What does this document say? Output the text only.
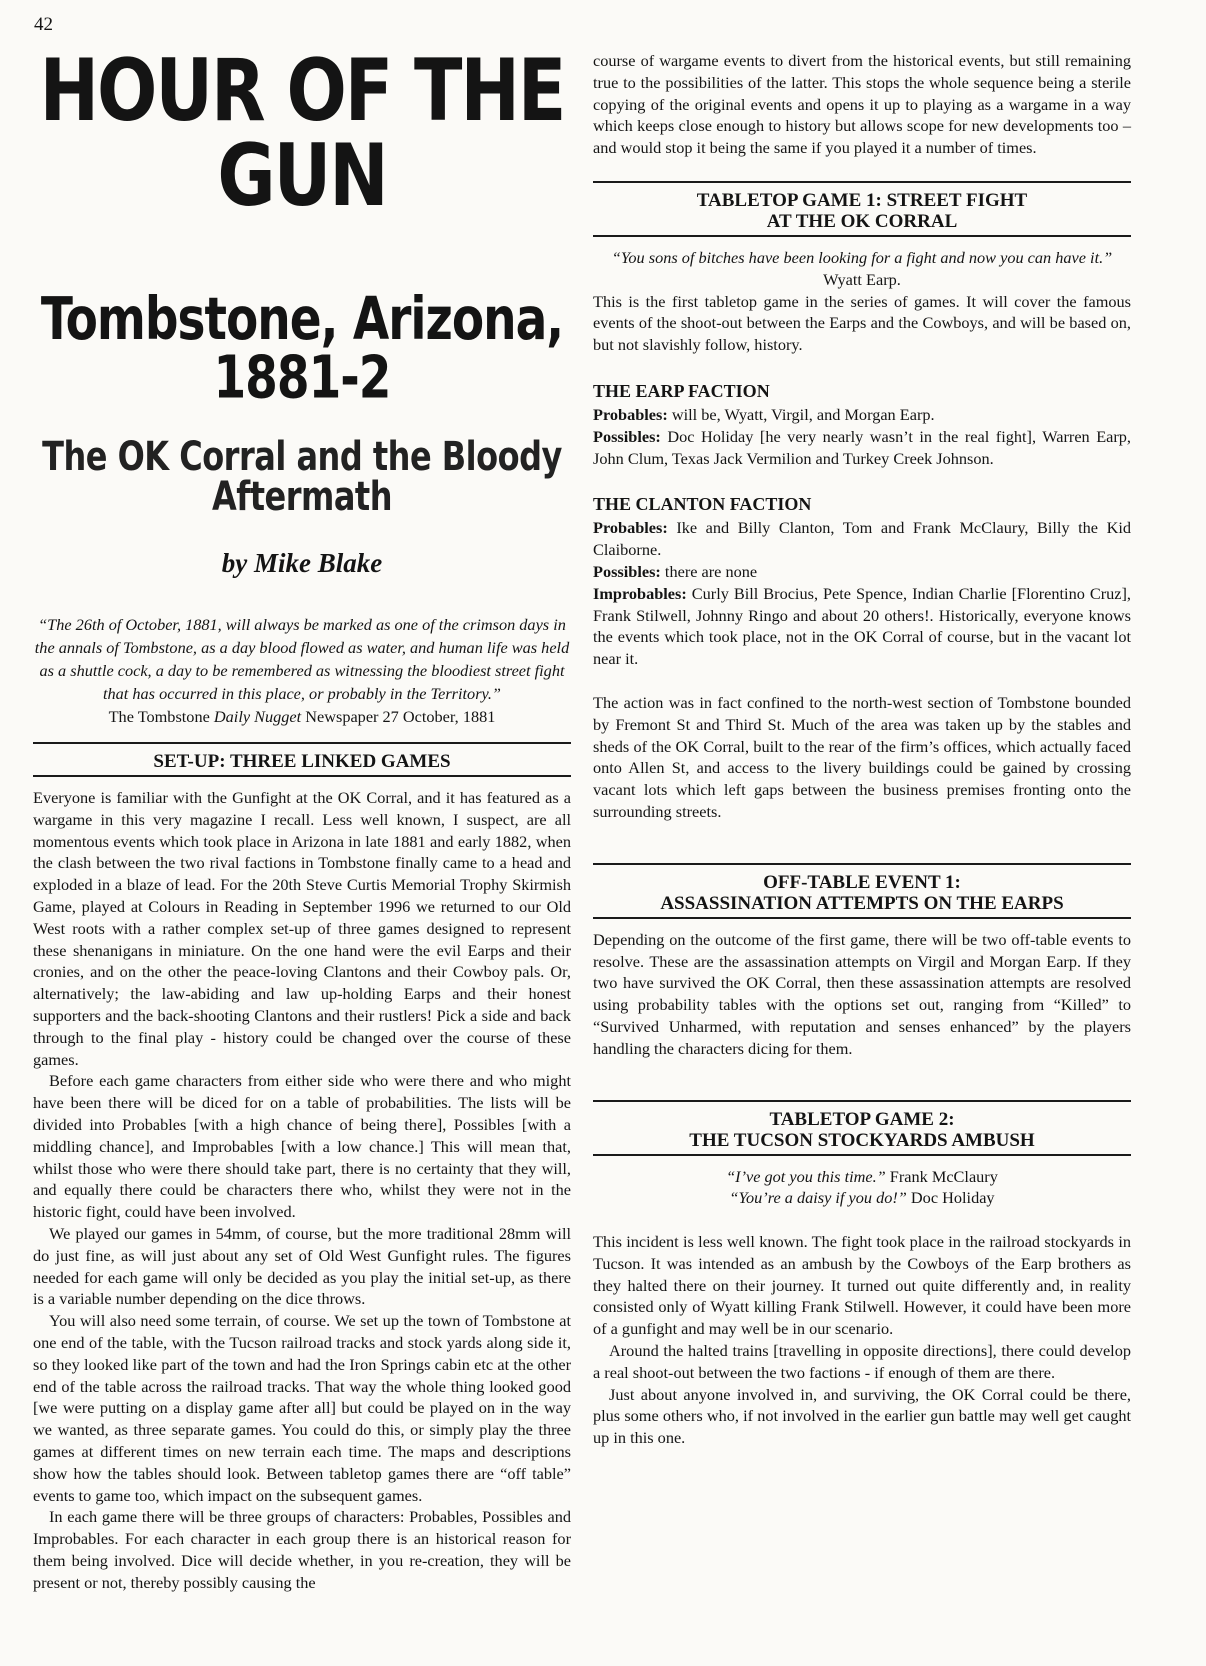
42
HOUR OF THE GUN
Tombstone, Arizona, 1881-2
The OK Corral and the Bloody Aftermath
by Mike Blake

“The 26th of October, 1881, will always be marked as one of the crimson days in the annals of Tombstone, as a day blood flowed as water, and human life was held as a shuttle cock, a day to be remembered as witnessing the bloodiest street fight that has occurred in this place, or probably in the Territory.”

The Tombstone Daily Nugget Newspaper 27 October, 1881
SET-UP: THREE LINKED GAMES

Everyone is familiar with the Gunfight at the OK Corral, and it has featured as a wargame in this very magazine I recall. Less well known, I suspect, are all momentous events which took place in Arizona in late 1881 and early 1882, when the clash between the two rival factions in Tombstone finally came to a head and exploded in a blaze of lead. For the 20th Steve Curtis Memorial Trophy Skirmish Game, played at Colours in Reading in September 1996 we returned to our Old West roots with a rather complex set-up of three games designed to represent these shenanigans in miniature. On the one hand were the evil Earps and their cronies, and on the other the peace-loving Clantons and their Cowboy pals. Or, alternatively; the law-abiding and law up-holding Earps and their honest supporters and the back-shooting Clantons and their rustlers! Pick a side and back through to the final play - history could be changed over the course of these games.

Before each game characters from either side who were there and who might have been there will be diced for on a table of probabilities. The lists will be divided into Probables [with a high chance of being there], Possibles [with a middling chance], and Improbables [with a low chance.] This will mean that, whilst those who were there should take part, there is no certainty that they will, and equally there could be characters there who, whilst they were not in the historic fight, could have been involved.

We played our games in 54mm, of course, but the more traditional 28mm will do just fine, as will just about any set of Old West Gunfight rules. The figures needed for each game will only be decided as you play the initial set-up, as there is a variable number depending on the dice throws.

You will also need some terrain, of course. We set up the town of Tombstone at one end of the table, with the Tucson railroad tracks and stock yards along side it, so they looked like part of the town and had the Iron Springs cabin etc at the other end of the table across the railroad tracks. That way the whole thing looked good [we were putting on a display game after all] but could be played on in the way we wanted, as three separate games. You could do this, or simply play the three games at different times on new terrain each time. The maps and descriptions show how the tables should look. Between tabletop games there are “off table” events to game too, which impact on the subsequent games.

In each game there will be three groups of characters: Probables, Possibles and Improbables. For each character in each group there is an historical reason for them being involved. Dice will decide whether, in you re-creation, they will be present or not, thereby possibly causing the

course of wargame events to divert from the historical events, but still remaining true to the possibilities of the latter. This stops the whole sequence being a sterile copying of the original events and opens it up to playing as a wargame in a way which keeps close enough to history but allows scope for new developments too – and would stop it being the same if you played it a number of times.

TABLETOP GAME 1: STREET FIGHT
AT THE OK CORRAL

“You sons of bitches have been looking for a fight and now you can have it.” Wyatt Earp.

This is the first tabletop game in the series of games. It will cover the famous events of the shoot-out between the Earps and the Cowboys, and will be based on, but not slavishly follow, history.

THE EARP FACTION

Probables: will be, Wyatt, Virgil, and Morgan Earp.

Possibles: Doc Holiday [he very nearly wasn’t in the real fight], Warren Earp, John Clum, Texas Jack Vermilion and Turkey Creek Johnson.

THE CLANTON FACTION

Probables: Ike and Billy Clanton, Tom and Frank McClaury, Billy the Kid Claiborne.

Possibles: there are none

Improbables: Curly Bill Brocius, Pete Spence, Indian Charlie [Florentino Cruz], Frank Stilwell, Johnny Ringo and about 20 others!. Historically, everyone knows the events which took place, not in the OK Corral of course, but in the vacant lot near it.

The action was in fact confined to the north-west section of Tombstone bounded by Fremont St and Third St. Much of the area was taken up by the stables and sheds of the OK Corral, built to the rear of the firm’s offices, which actually faced onto Allen St, and access to the livery buildings could be gained by crossing vacant lots which left gaps between the business premises fronting onto the surrounding streets.

OFF-TABLE EVENT 1:
ASSASSINATION ATTEMPTS ON THE EARPS

Depending on the outcome of the first game, there will be two off-table events to resolve. These are the assassination attempts on Virgil and Morgan Earp. If they two have survived the OK Corral, then these assassination attempts are resolved using probability tables with the options set out, ranging from “Killed” to “Survived Unharmed, with reputation and senses enhanced” by the players handling the characters dicing for them.

TABLETOP GAME 2:
THE TUCSON STOCKYARDS AMBUSH

“I’ve got you this time.” Frank McClaury

“You’re a daisy if you do!” Doc Holiday

This incident is less well known. The fight took place in the railroad stockyards in Tucson. It was intended as an ambush by the Cowboys of the Earp brothers as they halted there on their journey. It turned out quite differently and, in reality consisted only of Wyatt killing Frank Stilwell. However, it could have been more of a gunfight and may well be in our scenario.

Around the halted trains [travelling in opposite directions], there could develop a real shoot-out between the two factions - if enough of them are there.

Just about anyone involved in, and surviving, the OK Corral could be there, plus some others who, if not involved in the earlier gun battle may well get caught up in this one.
